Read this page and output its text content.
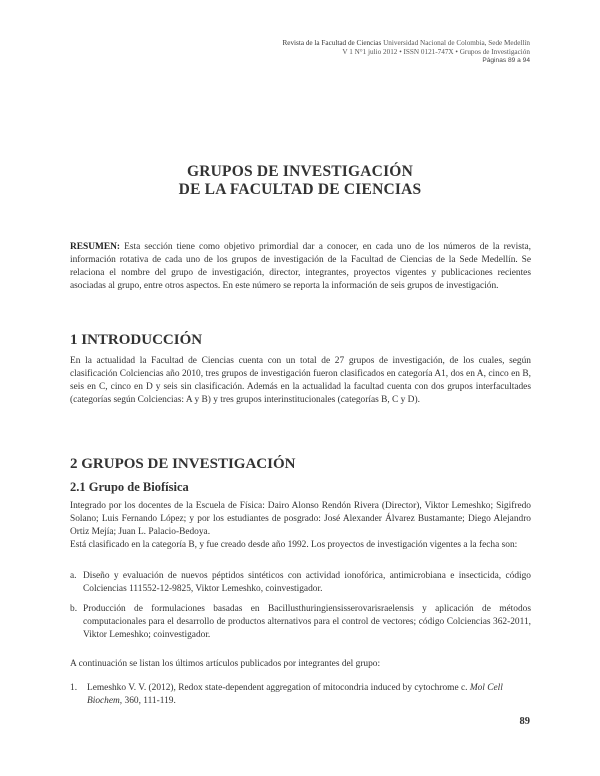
Revista de la Facultad de Ciencias Universidad Nacional de Colombia, Sede Medellín
V 1 N°1 julio 2012 • ISSN 0121-747X • Grupos de Investigación
Páginas 89 a 94
GRUPOS DE INVESTIGACIÓN
DE LA FACULTAD DE CIENCIAS
RESUMEN: Esta sección tiene como objetivo primordial dar a conocer, en cada uno de los números de la revista, información rotativa de cada uno de los grupos de investigación de la Facultad de Ciencias de la Sede Medellín. Se relaciona el nombre del grupo de investigación, director, integrantes, proyectos vigentes y publicaciones recientes asociadas al grupo, entre otros aspectos. En este número se reporta la información de seis grupos de investigación.
1 INTRODUCCIÓN
En la actualidad la Facultad de Ciencias cuenta con un total de 27 grupos de investigación, de los cuales, según clasificación Colciencias año 2010, tres grupos de investigación fueron clasificados en categoría A1, dos en A, cinco en B, seis en C, cinco en D y seis sin clasificación. Además en la actualidad la facultad cuenta con dos grupos interfacultades (categorías según Colciencias: A y B) y tres grupos interinstitucionales (categorías B, C y D).
2 GRUPOS DE INVESTIGACIÓN
2.1 Grupo de Biofísica

Integrado por los docentes de la Escuela de Física: Dairo Alonso Rendón Rivera (Director), Viktor Lemeshko; Sigifredo Solano; Luis Fernando López; y por los estudiantes de posgrado: José Alexander Álvarez Bustamante; Diego Alejandro Ortiz Mejía; Juan L. Palacio-Bedoya.

Está clasificado en la categoría B, y fue creado desde año 1992. Los proyectos de investigación vigentes a la fecha son:

a. Diseño y evaluación de nuevos péptidos sintéticos con actividad ionofórica, antimicrobiana e insecticida, código Colciencias 111552-12-9825, Viktor Lemeshko, coinvestigador.
b. Producción de formulaciones basadas en Bacillusthuringiensisserovarisraelensis y aplicación de métodos computacionales para el desarrollo de productos alternativos para el control de vectores; código Colciencias 362-2011, Viktor Lemeshko; coinvestigador.
A continuación se listan los últimos artículos publicados por integrantes del grupo:
1. Lemeshko V. V. (2012), Redox state-dependent aggregation of mitocondria induced by cytochrome c. Mol Cell Biochem, 360, 111-119.
89
